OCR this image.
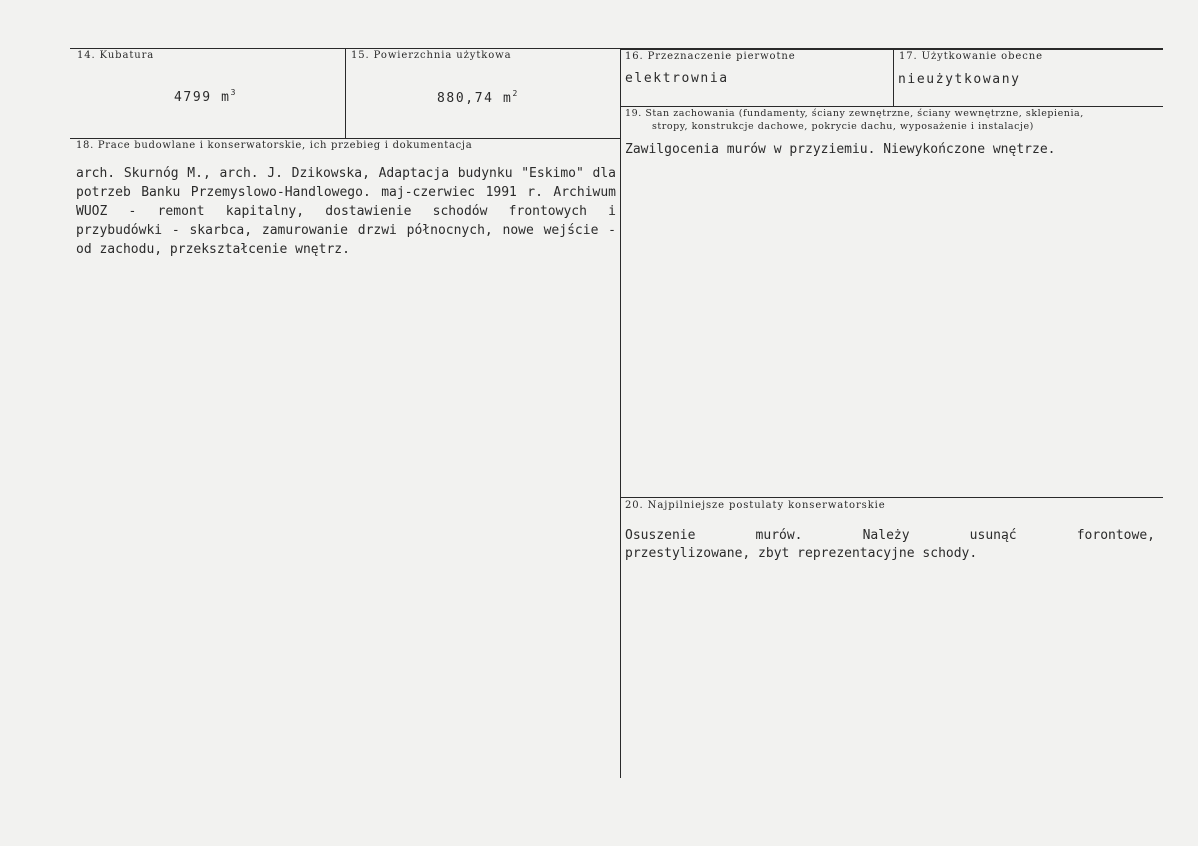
14. Kubatura
4799 $m^3$
15. Powierzchnia użytkowa
880,74 $m^2$
16. Przeznaczenie pierwotne
elektrownia
17. Użytkowanie obecne
nieużytkowany
19. Stan zachowania (fundamenty, ściany zewnętrzne, ściany wewnętrzne, sklepienia,
stropy, konstrukcje dachowe, pokrycie dachu, wyposażenie i instalacje)
Zawilgocenia murów w przyziemiu. Niewykończone wnętrze.
18. Prace budowlane i konserwatorskie, ich przebieg i dokumentacja
arch. Skurnóg M., arch. J. Dzikowska, Adaptacja budynku "Eskimo" dla potrzeb Banku Przemyslowo-Handlowego. maj-czerwiec 1991 r. Archiwum WUOZ - remont kapitalny, dostawienie schodów frontowych i przybudówki - skarbca, zamurowanie drzwi północnych, nowe wejście - od zachodu, przekształcenie wnętrz.
20. Najpilniejsze postulaty konserwatorskie
Osuszenie murów. Należy usunąć forontowe,
przestylizowane, zbyt reprezentacyjne schody.
